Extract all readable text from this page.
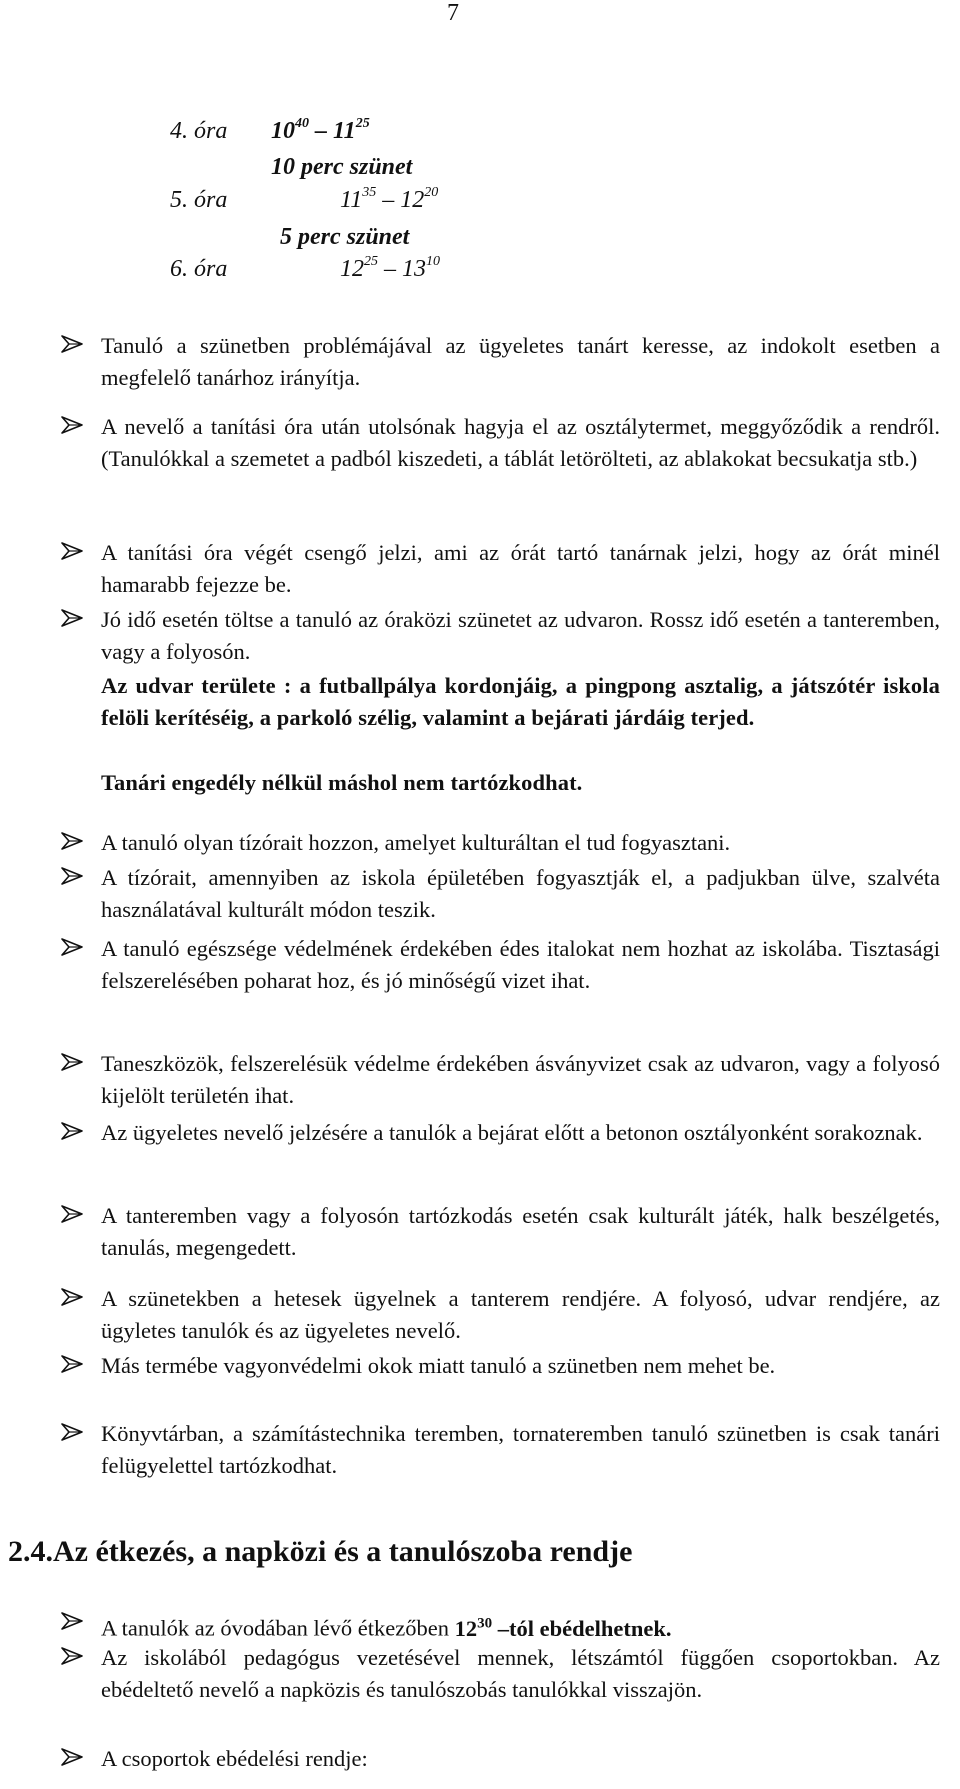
7
4. óra $10^{40} - 11^{25}$
10 perc szünet
5. óra	$11^{35} - 12^{20}$
5 perc szünet
6. óra	$12^{25} - 13^{10}$
Tanuló a szünetben problémájával az ügyeletes tanárt keresse, az indokolt esetben a megfelelő tanárhoz irányítja.
A nevelő a tanítási óra után utolsónak hagyja el az osztálytermet, meggyőződik a rendről. (Tanulókkal a szemetet a padból kiszedeti, a táblát letörölteti, az ablakokat becsukatja stb.)
A tanítási óra végét csengő jelzi, ami az órát tartó tanárnak jelzi, hogy az órát minél hamarabb fejezze be.
Jó idő esetén töltse a tanuló az óraközi szünetet az udvaron. Rossz idő esetén a tanteremben, vagy a folyosón.
Az udvar területe : a futballpálya kordonjáig, a pingpong asztalig, a játszótér iskola felöli kerítéséig, a parkoló szélig, valamint a bejárati járdáig terjed.
Tanári engedély nélkül máshol nem tartózkodhat.
A tanuló olyan tízórait hozzon, amelyet kulturáltan el tud fogyasztani.
A tízórait, amennyiben az iskola épületében fogyasztják el, a padjukban ülve, szalvéta használatával kulturált módon teszik.
A tanuló egészsége védelmének érdekében édes italokat nem hozhat az iskolába. Tisztasági felszerelésében poharat hoz, és jó minőségű vizet ihat.
Taneszközök, felszerelésük védelme érdekében ásványvizet csak az udvaron, vagy a folyosó kijelölt területén ihat.
Az ügyeletes nevelő jelzésére a tanulók a bejárat előtt a betonon osztályonként sorakoznak.
A tanteremben vagy a folyosón tartózkodás esetén csak kulturált játék, halk beszélgetés, tanulás, megengedett.
A szünetekben a hetesek ügyelnek a tanterem rendjére. A folyosó, udvar rendjére, az ügyletes tanulók és az ügyeletes nevelő.
Más termébe vagyonvédelmi okok miatt tanuló a szünetben nem mehet be.
Könyvtárban, a számítástechnika teremben, tornateremben tanuló szünetben is csak tanári felügyelettel tartózkodhat.
2.4.Az étkezés, a napközi és a tanulószoba rendje
A tanulók az óvodában lévő étkezőben $12^{30}$ –tól ebédelhetnek.
Az iskolából pedagógus vezetésével mennek, létszámtól függően csoportokban. Az ebédeltető nevelő a napközis és tanulószobás tanulókkal visszajön.
A csoportok ebédelési rendje:
